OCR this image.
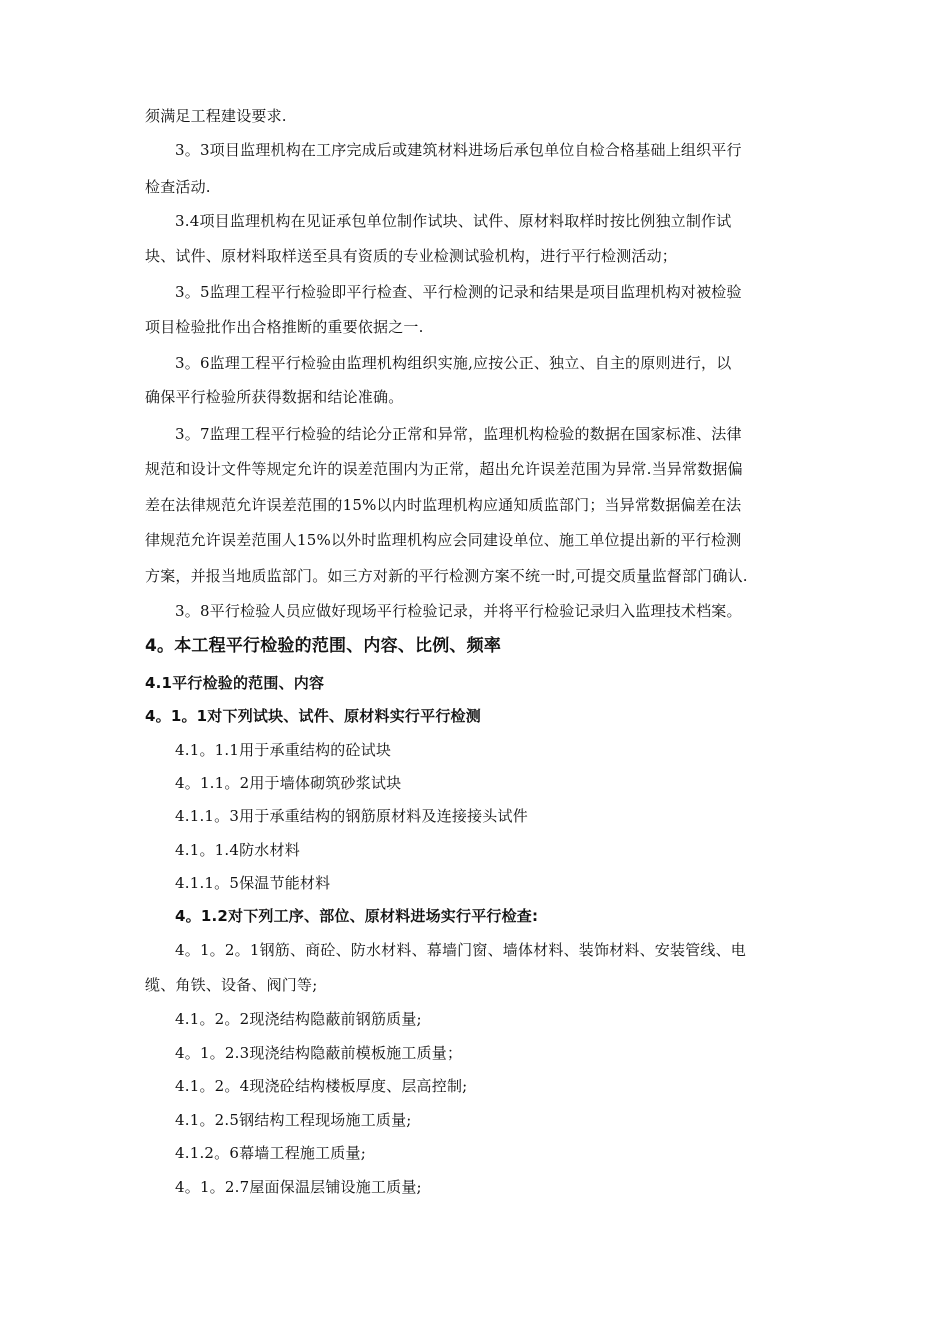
须满足工程建设要求.
3。3项目监理机构在工序完成后或建筑材料进场后承包单位自检合格基础上组织平行
检查活动.
3.4项目监理机构在见证承包单位制作试块、试件、原材料取样时按比例独立制作试
块、试件、原材料取样送至具有资质的专业检测试验机构，进行平行检测活动；
3。5监理工程平行检验即平行检查、平行检测的记录和结果是项目监理机构对被检验
项目检验批作出合格推断的重要依据之一.
3。6监理工程平行检验由监理机构组织实施,应按公正、独立、自主的原则进行，以
确保平行检验所获得数据和结论准确。
3。7监理工程平行检验的结论分正常和异常，监理机构检验的数据在国家标准、法律
规范和设计文件等规定允许的误差范围内为正常，超出允许误差范围为异常.当异常数据偏
差在法律规范允许误差范围的15%以内时监理机构应通知质监部门；当异常数据偏差在法
律规范允许误差范围人15%以外时监理机构应会同建设单位、施工单位提出新的平行检测
方案，并报当地质监部门。如三方对新的平行检测方案不统一时,可提交质量监督部门确认.
3。8平行检验人员应做好现场平行检验记录，并将平行检验记录归入监理技术档案。
4。本工程平行检验的范围、内容、比例、频率
4.1平行检验的范围、内容
4。1。1对下列试块、试件、原材料实行平行检测
4.1。1.1用于承重结构的砼试块
4。1.1。2用于墙体砌筑砂浆试块
4.1.1。3用于承重结构的钢筋原材料及连接接头试件
4.1。1.4防水材料
4.1.1。5保温节能材料
4。1.2对下列工序、部位、原材料进场实行平行检查:
4。1。2。1钢筋、商砼、防水材料、幕墙门窗、墙体材料、装饰材料、安装管线、电
缆、角铁、设备、阀门等;
4.1。2。2现浇结构隐蔽前钢筋质量;
4。1。2.3现浇结构隐蔽前模板施工质量；
4.1。2。4现浇砼结构楼板厚度、层高控制;
4.1。2.5钢结构工程现场施工质量;
4.1.2。6幕墙工程施工质量;
4。1。2.7屋面保温层铺设施工质量;
